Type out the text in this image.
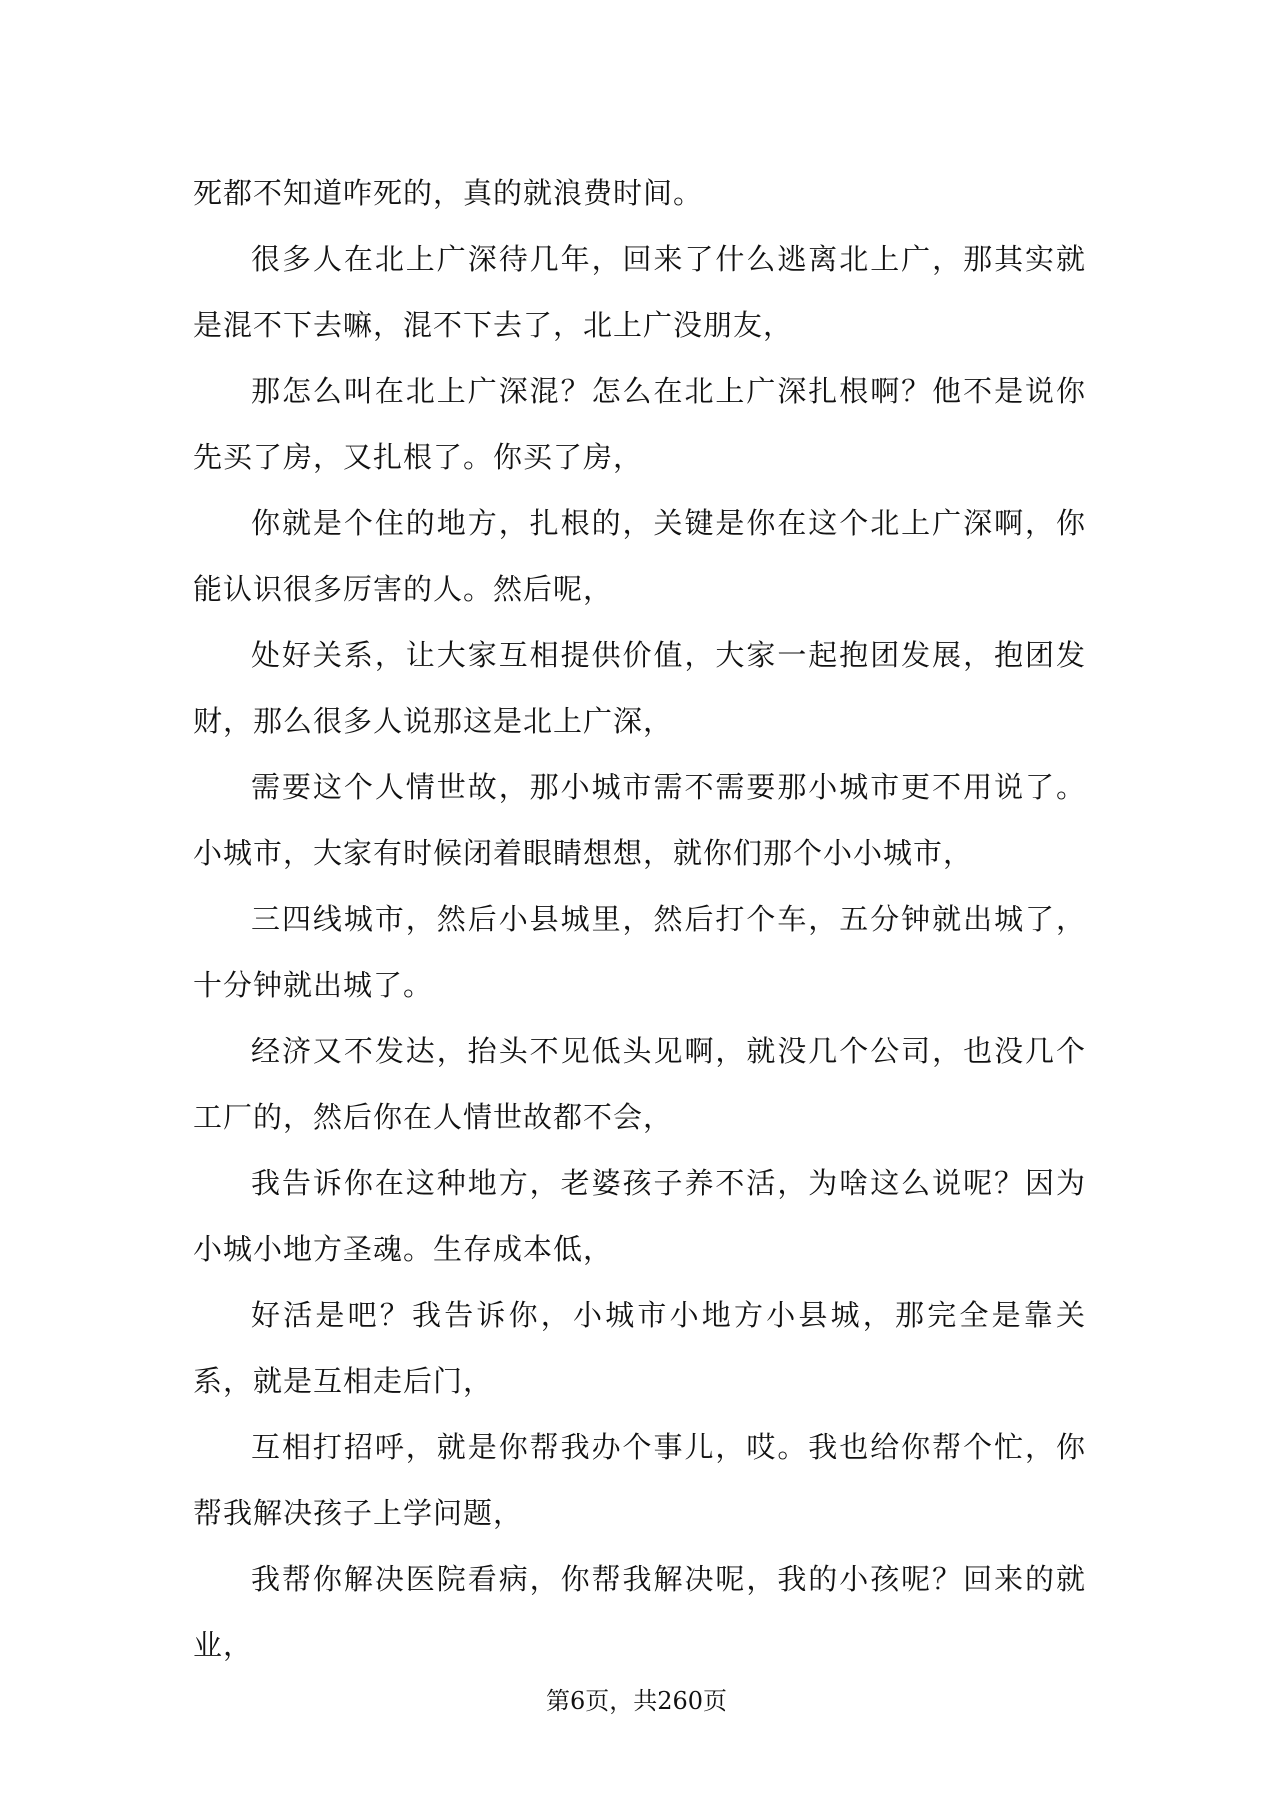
死都不知道咋死的，真的就浪费时间。

很多人在北上广深待几年，回来了什么逃离北上广，那其实就是混不下去嘛，混不下去了，北上广没朋友，

那怎么叫在北上广深混？怎么在北上广深扎根啊？他不是说你先买了房，又扎根了。你买了房，

你就是个住的地方，扎根的，关键是你在这个北上广深啊，你能认识很多厉害的人。然后呢，

处好关系，让大家互相提供价值，大家一起抱团发展，抱团发财，那么很多人说那这是北上广深，

需要这个人情世故，那小城市需不需要那小城市更不用说了。小城市，大家有时候闭着眼睛想想，就你们那个小小城市，

三四线城市，然后小县城里，然后打个车，五分钟就出城了，十分钟就出城了。

经济又不发达，抬头不见低头见啊，就没几个公司，也没几个工厂的，然后你在人情世故都不会，

我告诉你在这种地方，老婆孩子养不活，为啥这么说呢？因为小城小地方圣魂。生存成本低，

好活是吧？我告诉你，小城市小地方小县城，那完全是靠关系，就是互相走后门，

互相打招呼，就是你帮我办个事儿，哎。我也给你帮个忙，你帮我解决孩子上学问题，

我帮你解决医院看病，你帮我解决呢，我的小孩呢？回来的就业，

第6页，共260页
